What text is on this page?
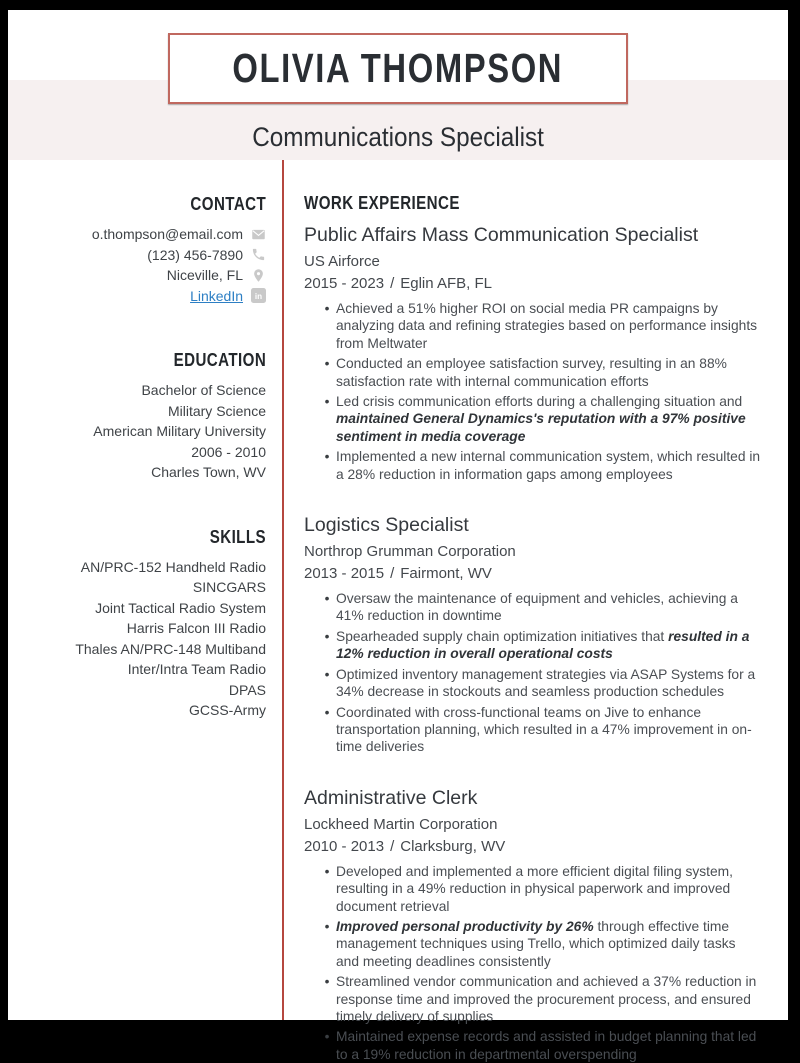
OLIVIA THOMPSON
Communications Specialist
CONTACT
o.thompson@email.com
(123) 456-7890
Niceville, FL
LinkedIn in
EDUCATION
Bachelor of Science
Military Science
American Military University
2006 - 2010
Charles Town, WV
SKILLS
AN/PRC-152 Handheld Radio
SINCGARS
Joint Tactical Radio System
Harris Falcon III Radio
Thales AN/PRC-148 Multiband Inter/Intra Team Radio
DPAS
GCSS-Army
WORK EXPERIENCE
Public Affairs Mass Communication Specialist
US Airforce
2015 - 2023 / Eglin AFB, FL
• Achieved a 51% higher ROI on social media PR campaigns by analyzing data and refining strategies based on performance insights from Meltwater
• Conducted an employee satisfaction survey, resulting in an 88% satisfaction rate with internal communication efforts
• Led crisis communication efforts during a challenging situation and maintained General Dynamics's reputation with a 97% positive sentiment in media coverage
• Implemented a new internal communication system, which resulted in a 28% reduction in information gaps among employees
Logistics Specialist
Northrop Grumman Corporation
2013 - 2015 / Fairmont, WV
• Oversaw the maintenance of equipment and vehicles, achieving a 41% reduction in downtime
• Spearheaded supply chain optimization initiatives that resulted in a 12% reduction in overall operational costs
• Optimized inventory management strategies via ASAP Systems for a 34% decrease in stockouts and seamless production schedules
• Coordinated with cross-functional teams on Jive to enhance transportation planning, which resulted in a 47% improvement in on-time deliveries
Administrative Clerk
Lockheed Martin Corporation
2010 - 2013 / Clarksburg, WV
• Developed and implemented a more efficient digital filing system, resulting in a 49% reduction in physical paperwork and improved document retrieval
• Improved personal productivity by 26% through effective time management techniques using Trello, which optimized daily tasks and meeting deadlines consistently
• Streamlined vendor communication and achieved a 37% reduction in response time and improved the procurement process, and ensured timely delivery of supplies
• Maintained expense records and assisted in budget planning that led to a 19% reduction in departmental overspending
